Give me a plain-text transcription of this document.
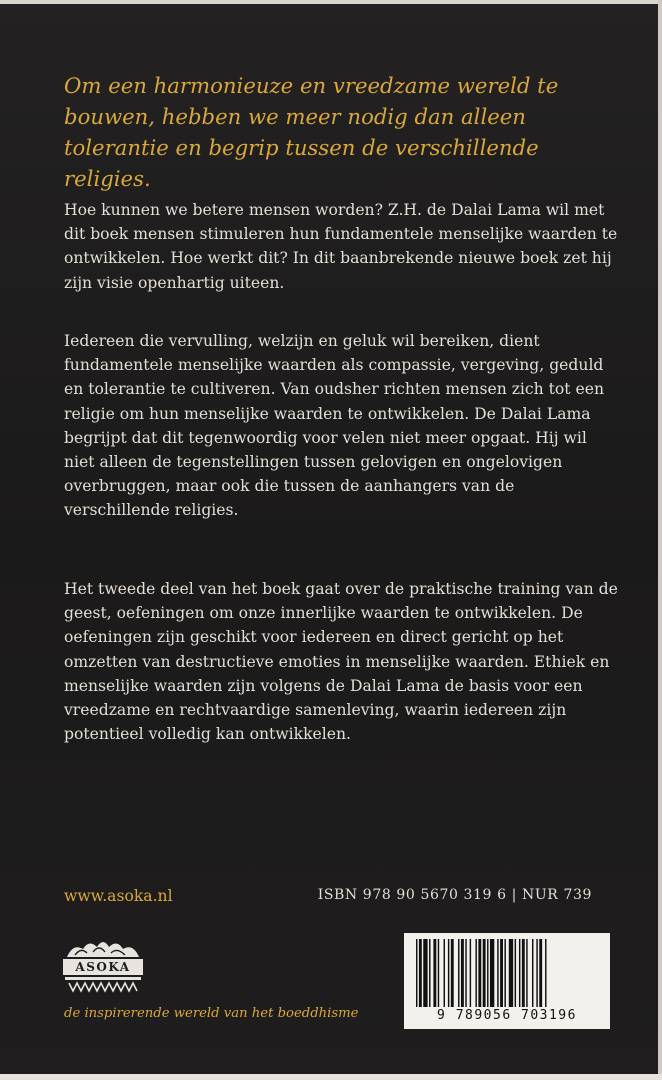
Om een harmonieuze en vreedzame wereld te bouwen, hebben we meer nodig dan alleen tolerantie en begrip tussen de verschillende religies.

Hoe kunnen we betere mensen worden? Z.H. de Dalai Lama wil met dit boek mensen stimuleren hun fundamentele menselijke waarden te ontwikkelen. Hoe werkt dit? In dit baanbrekende nieuwe boek zet hij zijn visie openhartig uiteen.

Iedereen die vervulling, welzijn en geluk wil bereiken, dient fundamentele menselijke waarden als compassie, vergeving, geduld en tolerantie te cultiveren. Van oudsher richten mensen zich tot een religie om hun menselijke waarden te ontwikkelen. De Dalai Lama begrijpt dat dit tegenwoordig voor velen niet meer opgaat. Hij wil niet alleen de tegenstellingen tussen gelovigen en ongelovigen overbruggen, maar ook die tussen de aanhangers van de verschillende religies.

Het tweede deel van het boek gaat over de praktische training van de geest, oefeningen om onze innerlijke waarden te ontwikkelen. De oefeningen zijn geschikt voor iedereen en direct gericht op het omzetten van destructieve emoties in menselijke waarden. Ethiek en menselijke waarden zijn volgens de Dalai Lama de basis voor een vreedzame en rechtvaardige samenleving, waarin iedereen zijn potentieel volledig kan ontwikkelen.

www.asoka.nl	ISBN 978 90 5670 319 6 | NUR 739
ASOKA
de inspirerende wereld van het boeddhisme	9 789056 703196
